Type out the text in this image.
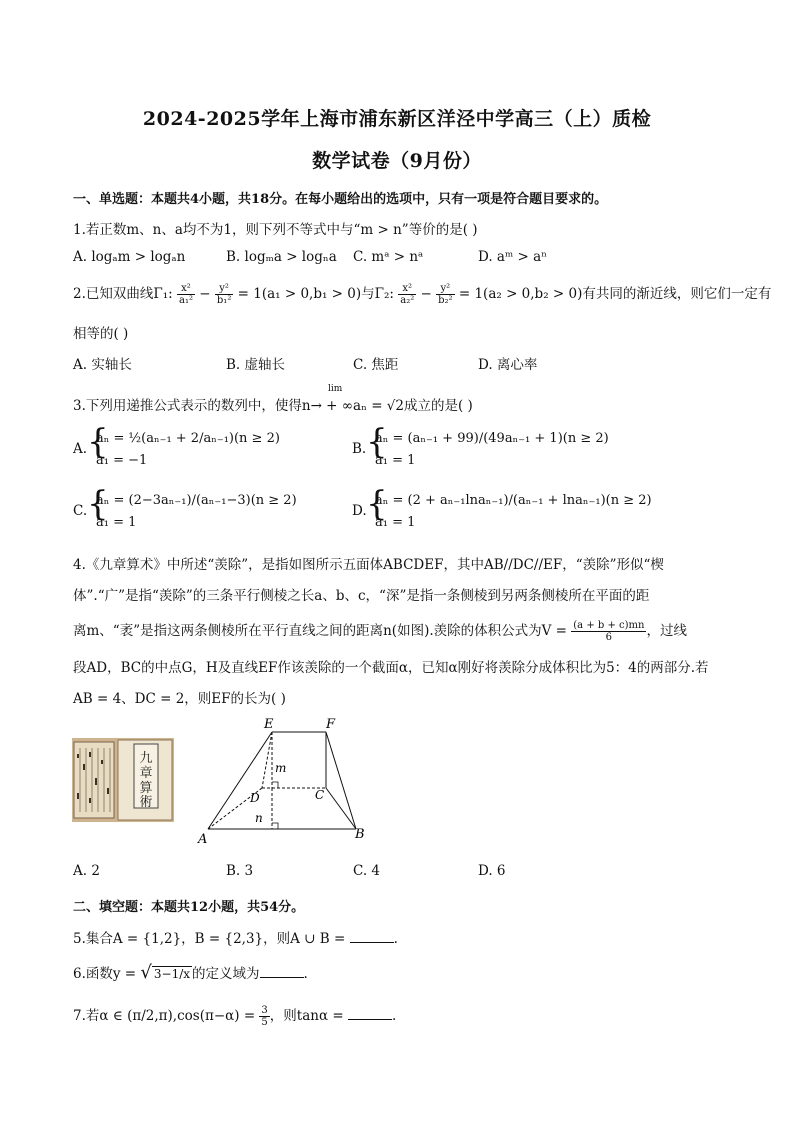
2024-2025学年上海市浦东新区洋泾中学高三（上）质检
数学试卷（9月份）
一、单选题：本题共4小题，共18分。在每小题给出的选项中，只有一项是符合题目要求的。
1.若正数m、n、a均不为1，则下列不等式中与“m > n”等价的是( )
A. logₐm > logₐn	B. logₘa > logₙa C. mᵃ > nᵃ	D. aᵐ > aⁿ
2.已知双曲线Γ₁: $\frac{\text{x²}}{\text{a₁²}} - \frac{\text{y²}}{\text{b₁²}} = 1(a_1 > 0,b_1 > 0)$与Γ₂: $\frac{\text{x²}}{\text{a₂²}} - \frac{\text{y²}}{\text{b₂²}} = 1(a_2 > 0,b_2 > 0)$有共同的渐近线，则它们一定有
相等的( )
A. 实轴长	B. 虚轴长	C. 焦距	D. 离心率
lim
3.下列用递推公式表示的数列中，使得n→ + ∞aₙ = √2成立的是( )
A. {
aₙ = ½(aₙ₋₁ + 2/aₙ₋₁)(n ≥ 2)
a₁ = −1
B. {
aₙ = (aₙ₋₁ + 99)/(49aₙ₋₁ + 1)(n ≥ 2)
a₁ = 1
C. {
aₙ = (2−3aₙ₋₁)/(aₙ₋₁−3)(n ≥ 2)
a₁ = 1
D. {
aₙ = (2 + aₙ₋₁lnaₙ₋₁)/(aₙ₋₁ + lnaₙ₋₁)(n ≥ 2)
a₁ = 1
4.《九章算术》中所述“羡除”，是指如图所示五面体ABCDEF，其中AB//DC//EF，“羡除”形似“楔
体”.“广”是指“羡除”的三条平行侧棱之长a、b、c，“深”是指一条侧棱到另两条侧棱所在平面的距
离m、“袤”是指这两条侧棱所在平行直线之间的距离n(如图).羡除的体积公式为$V = \frac{(a + b + c)mn}{6}$ ，过线
段AD，BC的中点G，H及直线EF作该羡除的一个截面α，已知α刚好将羡除分成体积比为5：4的两部分.若
AB = 4、DC = 2，则EF的长为( )
九
章
算
術
E	F
D	C
A	B
m
n
A. 2	B. 3	C. 4	D. 6
二、填空题：本题共12小题，共54分。
5.集合A = {1,2}，B = {2,3}，则A ∪ B =	.
6.函数y = √ 3−1/x 的定义域为	.
7.若α ∈ $(\pi/2,\pi),\cos(\pi-\alpha) = \frac{3}{5}$ ，则tanα =	.
